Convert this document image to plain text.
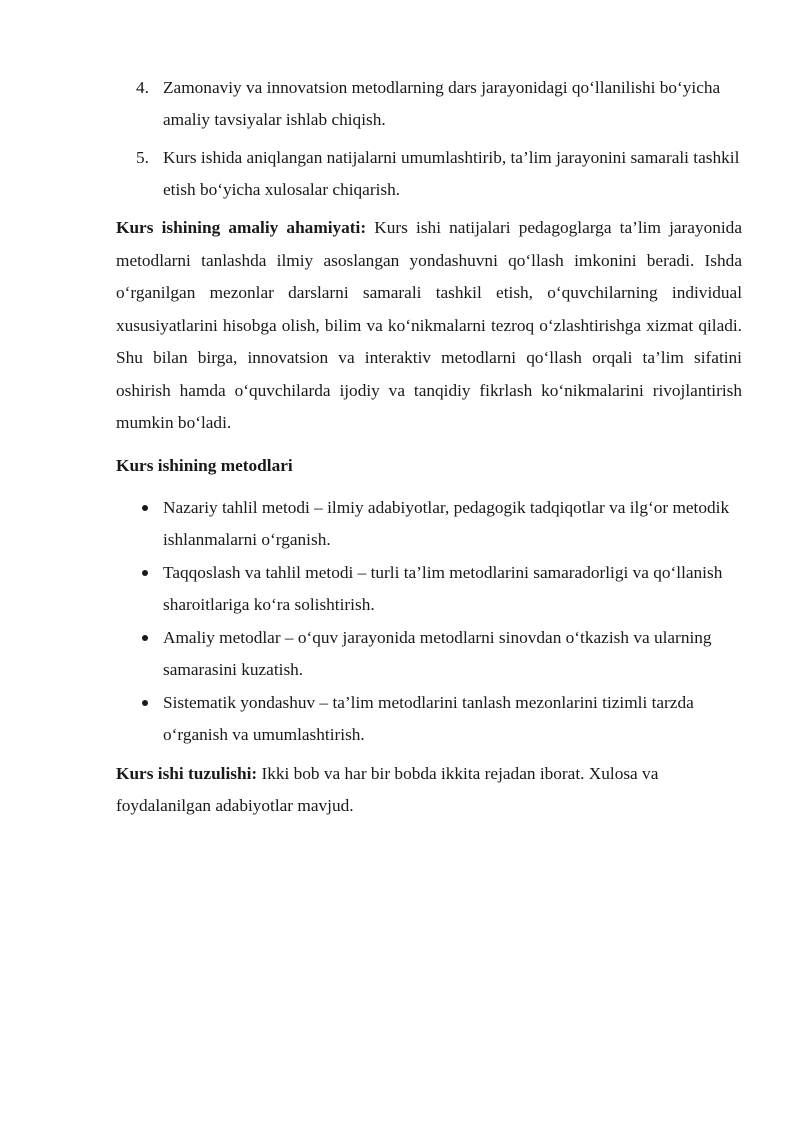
4. Zamonaviy va innovatsion metodlarning dars jarayonidagi qo‘llanilishi bo‘yicha amaliy tavsiyalar ishlab chiqish.
5. Kurs ishida aniqlangan natijalarni umumlashtirib, ta’lim jarayonini samarali tashkil etish bo‘yicha xulosalar chiqarish.

Kurs ishining amaliy ahamiyati: Kurs ishi natijalari pedagoglarga ta’lim jarayonida metodlarni tanlashda ilmiy asoslangan yondashuvni qo‘llash imkonini beradi. Ishda o‘rganilgan mezonlar darslarni samarali tashkil etish, o‘quvchilarning individual xususiyatlarini hisobga olish, bilim va ko‘nikmalarni tezroq o‘zlashtirishga xizmat qiladi. Shu bilan birga, innovatsion va interaktiv metodlarni qo‘llash orqali ta’lim sifatini oshirish hamda o‘quvchilarda ijodiy va tanqidiy fikrlash ko‘nikmalarini rivojlantirish mumkin bo‘ladi.

Kurs ishining metodlari

Nazariy tahlil metodi – ilmiy adabiyotlar, pedagogik tadqiqotlar va ilg‘or metodik ishlanmalarni o‘rganish.
Taqqoslash va tahlil metodi – turli ta’lim metodlarini samaradorligi va qo‘llanish sharoitlariga ko‘ra solishtirish.
Amaliy metodlar – o‘quv jarayonida metodlarni sinovdan o‘tkazish va ularning samarasini kuzatish.
Sistematik yondashuv – ta’lim metodlarini tanlash mezonlarini tizimli tarzda o‘rganish va umumlashtirish.

Kurs ishi tuzulishi: Ikki bob va har bir bobda ikkita rejadan iborat. Xulosa va foydalanilgan adabiyotlar mavjud.
